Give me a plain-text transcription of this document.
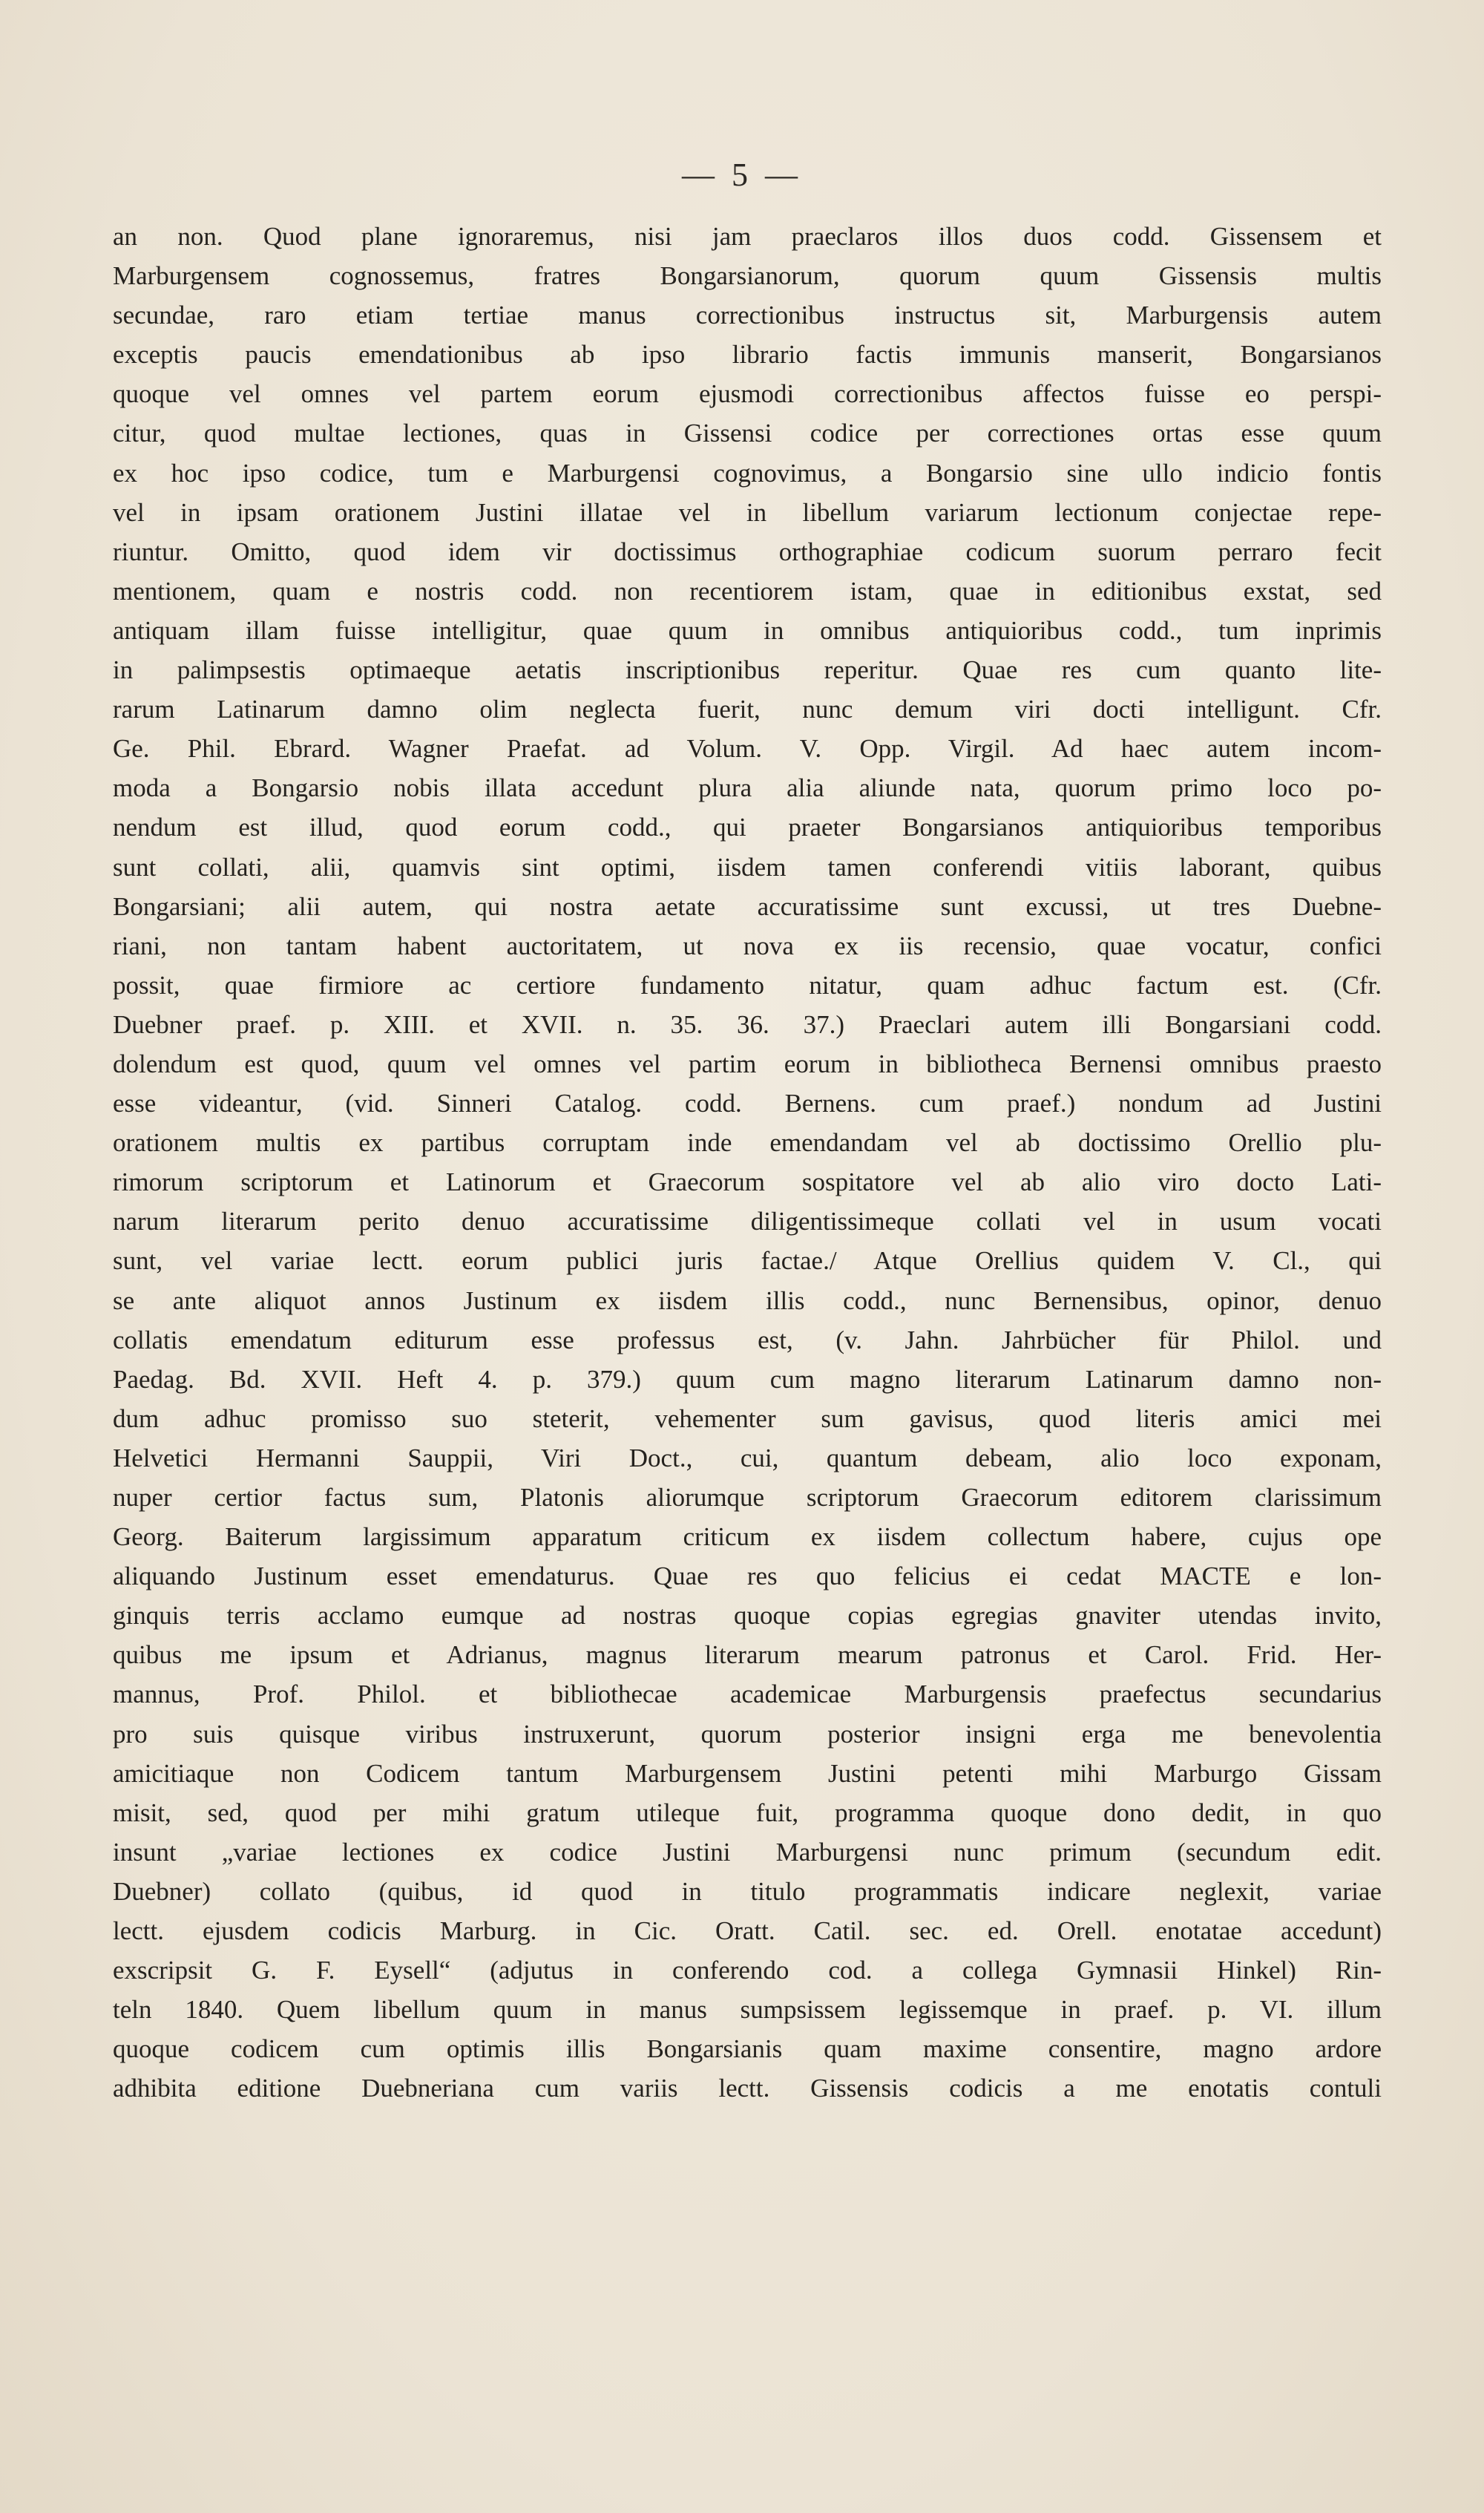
— 5 —
an non. Quod plane ignoraremus, nisi jam praeclaros illos duos codd. Gissensem et
Marburgensem cognossemus, fratres Bongarsianorum, quorum quum Gissensis multis
secundae, raro etiam tertiae manus correctionibus instructus sit, Marburgensis autem
exceptis paucis emendationibus ab ipso librario factis immunis manserit, Bongarsianos
quoque vel omnes vel partem eorum ejusmodi correctionibus affectos fuisse eo perspi-
citur, quod multae lectiones, quas in Gissensi codice per correctiones ortas esse quum
ex hoc ipso codice, tum e Marburgensi cognovimus, a Bongarsio sine ullo indicio fontis
vel in ipsam orationem Justini illatae vel in libellum variarum lectionum conjectae repe-
riuntur. Omitto, quod idem vir doctissimus orthographiae codicum suorum perraro fecit
mentionem, quam e nostris codd. non recentiorem istam, quae in editionibus exstat, sed
antiquam illam fuisse intelligitur, quae quum in omnibus antiquioribus codd., tum inprimis
in palimpsestis optimaeque aetatis inscriptionibus reperitur. Quae res cum quanto lite-
rarum Latinarum damno olim neglecta fuerit, nunc demum viri docti intelligunt. Cfr.
Ge. Phil. Ebrard. Wagner Praefat. ad Volum. V. Opp. Virgil. Ad haec autem incom-
moda a Bongarsio nobis illata accedunt plura alia aliunde nata, quorum primo loco po-
nendum est illud, quod eorum codd., qui praeter Bongarsianos antiquioribus temporibus
sunt collati, alii, quamvis sint optimi, iisdem tamen conferendi vitiis laborant, quibus
Bongarsiani; alii autem, qui nostra aetate accuratissime sunt excussi, ut tres Duebne-
riani, non tantam habent auctoritatem, ut nova ex iis recensio, quae vocatur, confici
possit, quae firmiore ac certiore fundamento nitatur, quam adhuc factum est. (Cfr.
Duebner praef. p. XIII. et XVII. n. 35. 36. 37.) Praeclari autem illi Bongarsiani codd.
dolendum est quod, quum vel omnes vel partim eorum in bibliotheca Bernensi omnibus praesto
esse videantur, (vid. Sinneri Catalog. codd. Bernens. cum praef.) nondum ad Justini
orationem multis ex partibus corruptam inde emendandam vel ab doctissimo Orellio plu-
rimorum scriptorum et Latinorum et Graecorum sospitatore vel ab alio viro docto Lati-
narum literarum perito denuo accuratissime diligentissimeque collati vel in usum vocati
sunt, vel variae lectt. eorum publici juris factae./ Atque Orellius quidem V. Cl., qui
se ante aliquot annos Justinum ex iisdem illis codd., nunc Bernensibus, opinor, denuo
collatis emendatum editurum esse professus est, (v. Jahn. Jahrbücher für Philol. und
Paedag. Bd. XVII. Heft 4. p. 379.) quum cum magno literarum Latinarum damno non-
dum adhuc promisso suo steterit, vehementer sum gavisus, quod literis amici mei
Helvetici Hermanni Sauppii, Viri Doct., cui, quantum debeam, alio loco exponam,
nuper certior factus sum, Platonis aliorumque scriptorum Graecorum editorem clarissimum
Georg. Baiterum largissimum apparatum criticum ex iisdem collectum habere, cujus ope
aliquando Justinum esset emendaturus. Quae res quo felicius ei cedat MACTE e lon-
ginquis terris acclamo eumque ad nostras quoque copias egregias gnaviter utendas invito,
quibus me ipsum et Adrianus, magnus literarum mearum patronus et Carol. Frid. Her-
mannus, Prof. Philol. et bibliothecae academicae Marburgensis praefectus secundarius
pro suis quisque viribus instruxerunt, quorum posterior insigni erga me benevolentia
amicitiaque non Codicem tantum Marburgensem Justini petenti mihi Marburgo Gissam
misit, sed, quod per mihi gratum utileque fuit, programma quoque dono dedit, in quo
insunt „variae lectiones ex codice Justini Marburgensi nunc primum (secundum edit.
Duebner) collato (quibus, id quod in titulo programmatis indicare neglexit, variae
lectt. ejusdem codicis Marburg. in Cic. Oratt. Catil. sec. ed. Orell. enotatae accedunt)
exscripsit G. F. Eysell“ (adjutus in conferendo cod. a collega Gymnasii Hinkel) Rin-
teln 1840. Quem libellum quum in manus sumpsissem legissemque in praef. p. VI. illum
quoque codicem cum optimis illis Bongarsianis quam maxime consentire, magno ardore
adhibita editione Duebneriana cum variis lectt. Gissensis codicis a me enotatis contuli
